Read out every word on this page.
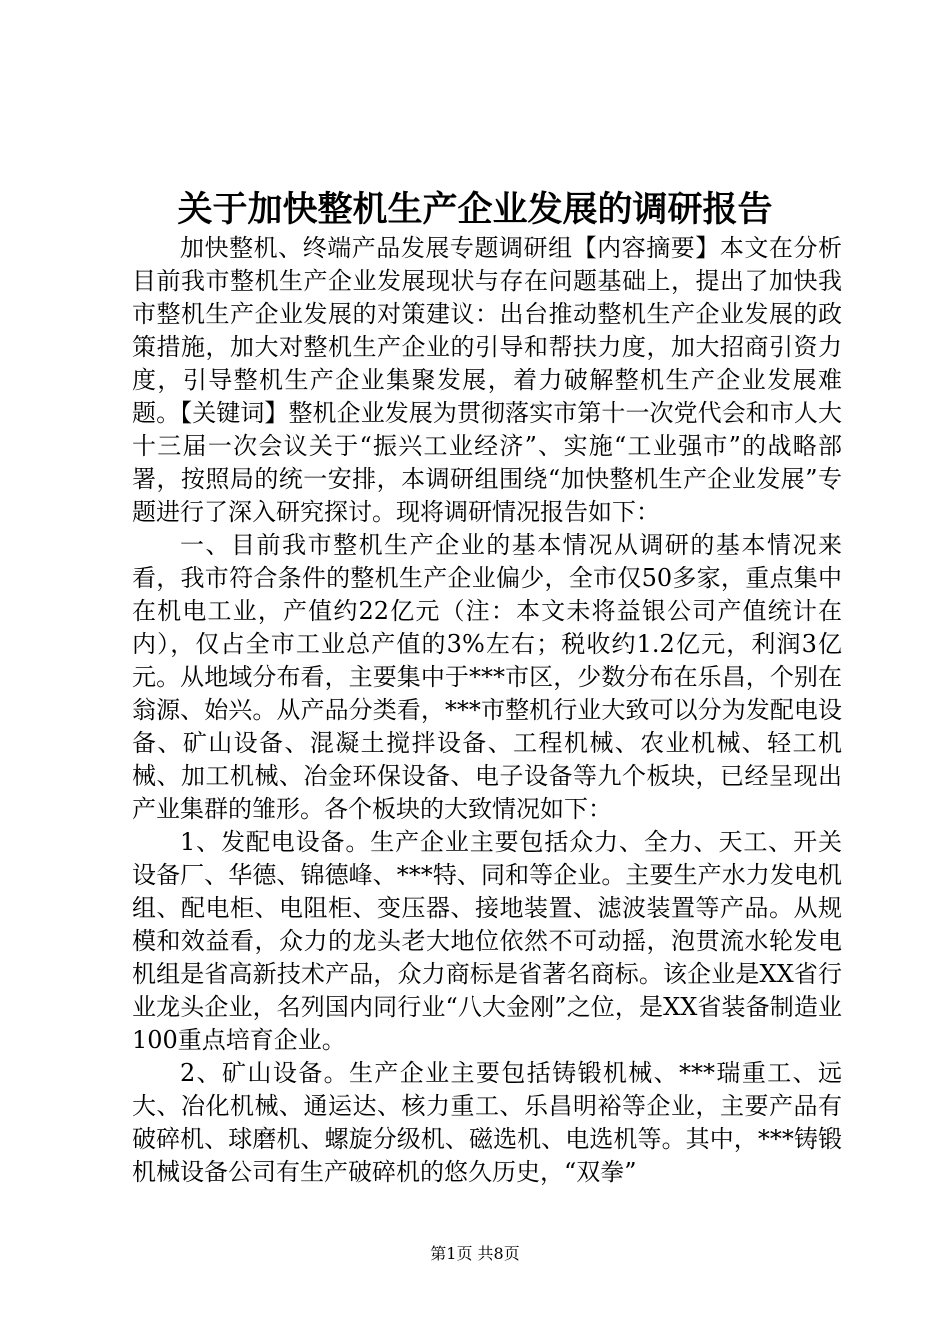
关于加快整机生产企业发展的调研报告

加快整机、终端产品发展专题调研组【内容摘要】本文在分析目前我市整机生产企业发展现状与存在问题基础上，提出了加快我市整机生产企业发展的对策建议：出台推动整机生产企业发展的政策措施，加大对整机生产企业的引导和帮扶力度，加大招商引资力度，引导整机生产企业集聚发展，着力破解整机生产企业发展难题。【关键词】整机企业发展为贯彻落实市第十一次党代会和市人大十三届一次会议关于“振兴工业经济”、实施“工业强市”的战略部署，按照局的统一安排，本调研组围绕“加快整机生产企业发展”专题进行了深入研究探讨。现将调研情况报告如下：

一、目前我市整机生产企业的基本情况从调研的基本情况来看，我市符合条件的整机生产企业偏少，全市仅50多家，重点集中在机电工业，产值约22亿元（注：本文未将益银公司产值统计在内），仅占全市工业总产值的3%左右；税收约1.2亿元，利润3亿元。从地域分布看，主要集中于***市区，少数分布在乐昌，个别在翁源、始兴。从产品分类看，***市整机行业大致可以分为发配电设备、矿山设备、混凝土搅拌设备、工程机械、农业机械、轻工机械、加工机械、冶金环保设备、电子设备等九个板块，已经呈现出产业集群的雏形。各个板块的大致情况如下：

1、发配电设备。生产企业主要包括众力、全力、天工、开关设备厂、华德、锦德峰、***特、同和等企业。主要生产水力发电机组、配电柜、电阻柜、变压器、接地装置、滤波装置等产品。从规模和效益看，众力的龙头老大地位依然不可动摇，泡贯流水轮发电机组是省高新技术产品，众力商标是省著名商标。该企业是XX省行业龙头企业，名列国内同行业“八大金刚”之位，是XX省装备制造业100重点培育企业。

2、矿山设备。生产企业主要包括铸锻机械、***瑞重工、远大、冶化机械、通运达、核力重工、乐昌明裕等企业，主要产品有破碎机、球磨机、螺旋分级机、磁选机、电选机等。其中，***铸锻机械设备公司有生产破碎机的悠久历史，“双拳”

第1页 共8页
